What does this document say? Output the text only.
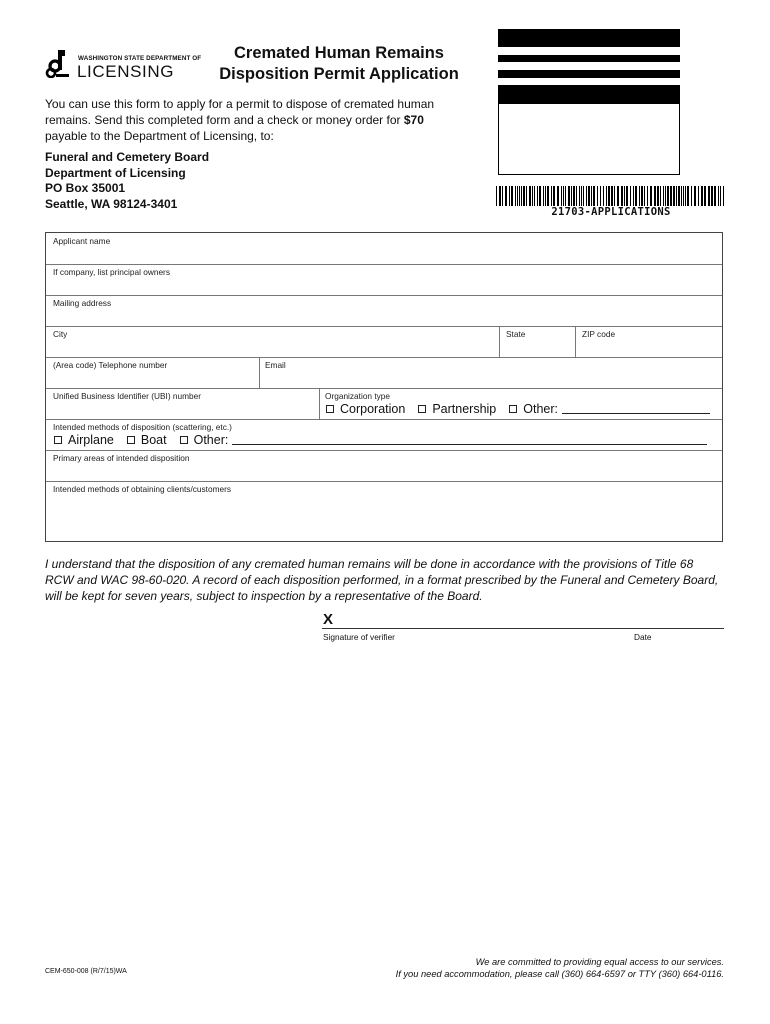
WASHINGTON STATE DEPARTMENT OF
LICENSING
Cremated Human Remains
Disposition Permit Application
21703-APPLICATIONS
You can use this form to apply for a permit to dispose of cremated human remains. Send this completed form and a check or money order for $70 payable to the Department of Licensing, to:
Funeral and Cemetery Board
Department of Licensing
PO Box 35001
Seattle, WA 98124-3401
Applicant name
If company, list principal owners
Mailing address
City	State	ZIP code
(Area code) Telephone number	Email
Unified Business Identifier (UBI) number	Organization type
Corporation Partnership Other:
Intended methods of disposition (scattering, etc.)
Airplane Boat Other:
Primary areas of intended disposition
Intended methods of obtaining clients/customers
I understand that the disposition of any cremated human remains will be done in accordance with the provisions of Title 68 RCW and WAC 98-60-020. A record of each disposition performed, in a format prescribed by the Funeral and Cemetery Board, will be kept for seven years, subject to inspection by a representative of the Board.
X
Signature of verifier	Date
CEM-650-008 (R/7/15)WA
We are committed to providing equal access to our services.
If you need accommodation, please call (360) 664-6597 or TTY (360) 664-0116.
